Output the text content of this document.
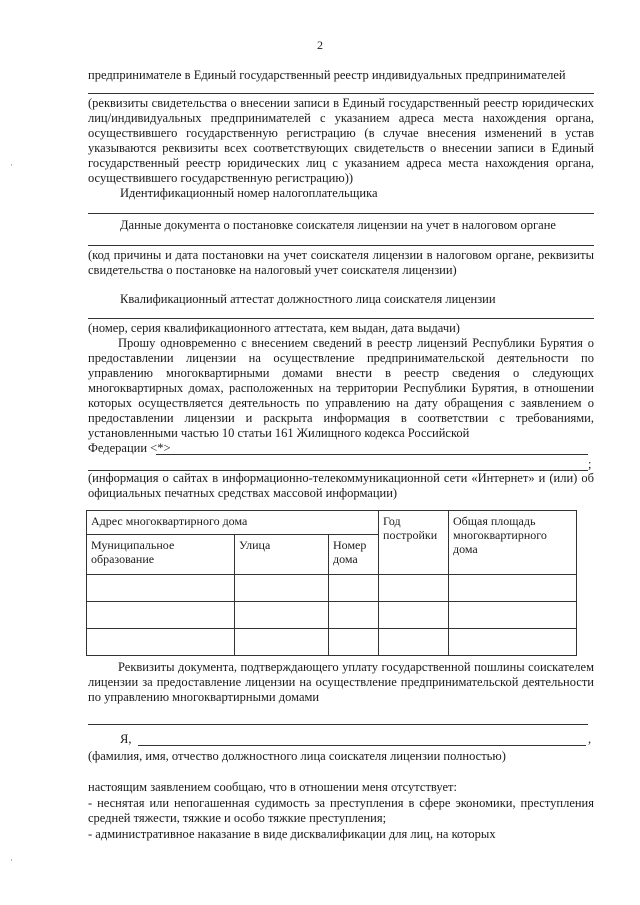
2
предпринимателе в Единый государственный реестр индивидуальных предпринимателей
(реквизиты свидетельства о внесении записи в Единый государственный реестр юридических лиц/индивидуальных предпринимателей с указанием адреса места нахождения органа, осуществившего государственную регистрацию (в случае внесения изменений в устав указываются реквизиты всех соответствующих свидетельств о внесении записи в Единый государственный реестр юридических лиц с указанием адреса места нахождения органа, осуществившего государственную регистрацию))
Идентификационный номер налогоплательщика
Данные документа о постановке соискателя лицензии на учет в налоговом органе
(код причины и дата постановки на учет соискателя лицензии в налоговом органе, реквизиты свидетельства о постановке на налоговый учет соискателя лицензии)
Квалификационный аттестат должностного лица соискателя лицензии
(номер, серия квалификационного аттестата, кем выдан, дата выдачи)
Прошу одновременно с внесением сведений в реестр лицензий Республики Бурятия о предоставлении лицензии на осуществление предпринимательской деятельности по управлению многоквартирными домами внести в реестр сведения о следующих многоквартирных домах, расположенных на территории Республики Бурятия, в отношении которых осуществляется деятельность по управлению на дату обращения с заявлением о предоставлении лицензии и раскрыта информация в соответствии с требованиями, установленными частью 10 статьи 161 Жилищного кодекса Российской
Федерации <*>
;
(информация о сайтах в информационно-телекоммуникационной сети «Интернет» и (или) об официальных печатных средствах массовой информации)
Адрес многоквартирного дома			Год постройки	Общая площадь многоквартирного дома
Муниципальное образование	Улица	Номер дома		

Реквизиты документа, подтверждающего уплату государственной пошлины соискателем лицензии за предоставление лицензии на осуществление предпринимательской деятельности по управлению многоквартирными домами
Я,	,
(фамилия, имя, отчество должностного лица соискателя лицензии полностью)
настоящим заявлением сообщаю, что в отношении меня отсутствует:
- неснятая или непогашенная судимость за преступления в сфере экономики, преступления средней тяжести, тяжкие и особо тяжкие преступления;
- административное наказание в виде дисквалификации для лиц, на которых
·
·
